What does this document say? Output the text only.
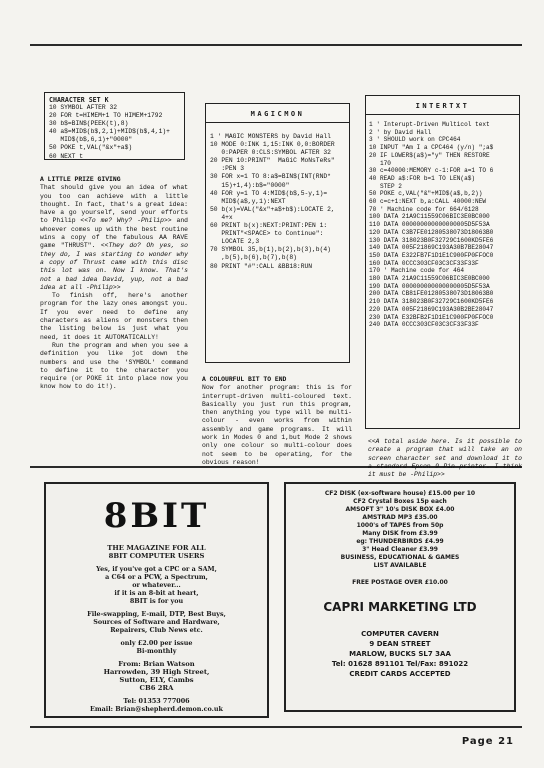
CHARACTER SET K
10 SYMBOL AFTER 32
20 FOR t=HIMEM+1 TO HIMEM+1792
30 b$=BIN$(PEEK(t),8)
40 a$=MID$(b$,2,1)+MID$(b$,4,1)+
MID$(b$,6,1)+"0000"
50 POKE t,VAL("&x"+a$)
60 NEXT t
A LITTLE PRIZE GIVING

That should give you an idea of what you too can achieve with a little thought. In fact, that's a great idea: have a go yourself, send your efforts to Philip <<To me? Why? -Philip>> and whoever comes up with the best routine wins a copy of the fabulous AA RAVE game "THRUST". <<They do? Oh yes, so they do, I was starting to wonder why a copy of Thrust came with this disc this lot was on. Now I know. That's not a bad idea David, yup, not a bad idea at all -Philip>>

To finish off, here's another program for the lazy ones amongst you. If you ever need to define any characters as aliens or monsters then the listing below is just what you need, it does it AUTOMATICALLY!

Run the program and when you see a definition you like jot down the numbers and use the 'SYMBOL' command to define it to the character you require (or POKE it into place now you know how to do it!).

MAGICMON
1 ' MAGIC MONSTERS by David Hall
10 MODE 0:INK 1,15:INK 0,0:BORDER
0:PAPER 0:CLS:SYMBOL AFTER 32
20 PEN 10:PRINT"  MaGiC MoNsTeRs"
:PEN 3
30 FOR x=1 TO 8:a$=BIN$(INT(RND*
15)+1,4):b$="0000"
40 FOR y=1 TO 4:MID$(b$,5-y,1)=
MID$(a$,y,1):NEXT
50 b(x)=VAL("&x"+a$+b$):LOCATE 2,
4+x
60 PRINT b(x):NEXT:PRINT:PEN 1:
PRINT"<SPACE> to Continue":
LOCATE 2,3
70 SYMBOL 35,b(1),b(2),b(3),b(4)
,b(5),b(6),b(7),b(8)
80 PRINT "#":CALL &BB18:RUN
A COLOURFUL BIT TO END

Now for another program: this is for interrupt-driven multi-coloured text. Basically you just run this program, then anything you type will be multi-colour - even works from within assembly and game programs. It will work in Modes 0 and 1,but Mode 2 shows only one colour so multi-colour does not seem to be operating, for the obvious reason!

INTERTXT
1 ' Interupt-Driven Multicol text
2 ' by David Hall
3 ' SHOULD work on CPC464
10 INPUT "Am I a CPC464 (y/n) ";a$
20 IF LOWER$(a$)="y" THEN RESTORE
170
30 c=40000:MEMORY c-1:FOR a=1 TO 6
40 READ a$:FOR b=1 TO LEN(a$)
STEP 2
50 POKE c,VAL("&"+MID$(a$,b,2))
60 c=c+1:NEXT b,a:CALL 40000:NEW
70 ' Machine code for 664/6128
100 DATA 21A9C11559C06BIC3E0BC000
110 DATA 000000000000000005D5F53A
120 DATA C3B7FE01280538073D18063B0
130 DATA 318023B0F32729C1600KD5FE6
140 DATA 005F21869C193A30B7BE28047
150 DATA E322FB7F1D1E1C900FP0FFOC0
160 DATA 0CCC303CF03C3CF33F33F
170 ' Machine code for 464
180 DATA 21A9C11559C06BIC3E0BC000
190 DATA 000000000000000005D5F53A
200 DATA CB81FE01280538073D18063B0
210 DATA 318023B0F32729C1600KD5FE6
220 DATA 005F21869C193A30B2BE28047
230 DATA E32BFB2F1D1E1C900FP0FFOC0
240 DATA 0CCC303CF03C3CF33F33F
<<A total aside here. Is it possible to create a program that will take an on screen character set and download it to a standard Epson 9 Pin printer. I think it must be -Philip>>
8BIT

THE MAGAZINE FOR ALL

8BIT COMPUTER USERS

Yes, if you've got a CPC or a SAM,

a C64 or a PCW, a Spectrum,

or whatever...

if it is an 8-bit at heart,

8BIT is for you

File-swapping, E-mail, DTP, Best Buys,

Sources of Software and Hardware,

Repairers, Club News etc.

only £2.00 per issue

Bi-monthly

From: Brian Watson

Harrowden, 39 High Street,

Sutton, ELY, Cambs

CB6 2RA

Tel: 01353 777006

Email: Brian@shepherd.demon.co.uk

CF2 DISK (ex-software house) £15.00 per 10

CF2 Crystal Boxes 15p each

AMSOFT 3" 10's DISK BOX £4.00

AMSTRAD MP3 £35.00

1000's of TAPES from 50p

Many DISK from £3.99

eg: THUNDERBIRDS £4.99

3" Head Cleaner £3.99

BUSINESS, EDUCATIONAL & GAMES

LIST AVAILABLE

FREE POSTAGE OVER £10.00

CAPRI MARKETING LTD

COMPUTER CAVERN

9 DEAN STREET

MARLOW, BUCKS SL7 3AA

Tel: 01628 891101 Tel/Fax: 891022

CREDIT CARDS ACCEPTED

Page 21
